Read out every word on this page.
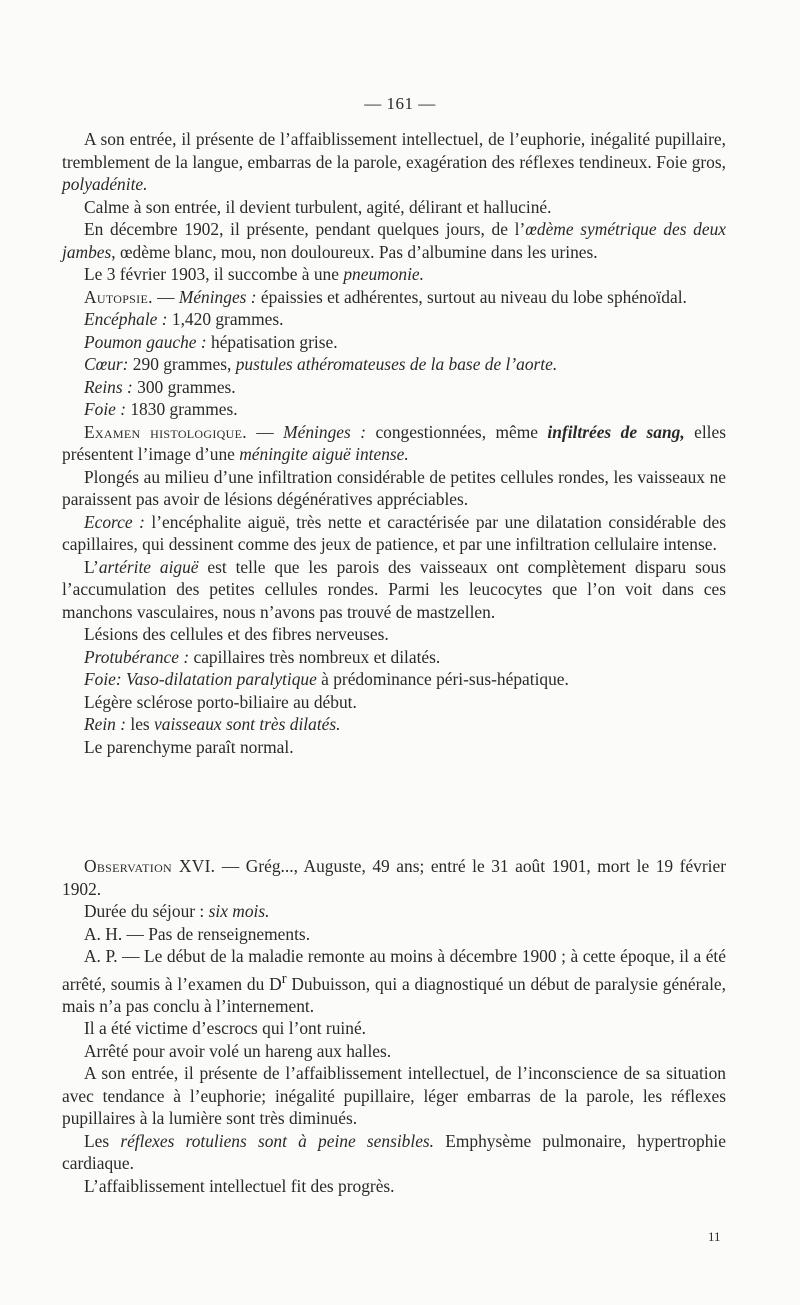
— 161 —

A son entrée, il présente de l’affaiblissement intellectuel, de l’euphorie, inégalité pupillaire, tremblement de la langue, embarras de la parole, exagération des réflexes tendineux. Foie gros, polyadénite.

Calme à son entrée, il devient turbulent, agité, délirant et halluciné.

En décembre 1902, il présente, pendant quelques jours, de l’œdème symétrique des deux jambes, œdème blanc, mou, non douloureux. Pas d’albumine dans les urines.

Le 3 février 1903, il succombe à une pneumonie.

Autopsie. — Méninges : épaissies et adhérentes, surtout au niveau du lobe sphénoïdal.

Encéphale : 1,420 grammes.

Poumon gauche : hépatisation grise.

Cœur: 290 grammes, pustules athéromateuses de la base de l’aorte.

Reins : 300 grammes.

Foie : 1830 grammes.

Examen histologique. — Méninges : congestionnées, même infiltrées de sang, elles présentent l’image d’une méningite aiguë intense.

Plongés au milieu d’une infiltration considérable de petites cellules rondes, les vaisseaux ne paraissent pas avoir de lésions dégénératives appréciables.

Ecorce : l’encéphalite aiguë, très nette et caractérisée par une dilatation considérable des capillaires, qui dessinent comme des jeux de patience, et par une infiltration cellulaire intense.

L’artérite aiguë est telle que les parois des vaisseaux ont complètement disparu sous l’accumulation des petites cellules rondes. Parmi les leucocytes que l’on voit dans ces manchons vasculaires, nous n’avons pas trouvé de mastzellen.

Lésions des cellules et des fibres nerveuses.

Protubérance : capillaires très nombreux et dilatés.

Foie: Vaso-dilatation paralytique à prédominance péri-sus-hépatique.

Légère sclérose porto-biliaire au début.

Rein : les vaisseaux sont très dilatés.

Le parenchyme paraît normal.

Observation XVI. — Grég..., Auguste, 49 ans; entré le 31 août 1901, mort le 19 février 1902.

Durée du séjour : six mois.

A. H. — Pas de renseignements.

A. P. — Le début de la maladie remonte au moins à décembre 1900 ; à cette époque, il a été arrêté, soumis à l’examen du $D^r$ Dubuisson, qui a diagnostiqué un début de paralysie générale, mais n’a pas conclu à l’internement.

Il a été victime d’escrocs qui l’ont ruiné.

Arrêté pour avoir volé un hareng aux halles.

A son entrée, il présente de l’affaiblissement intellectuel, de l’inconscience de sa situation avec tendance à l’euphorie; inégalité pupillaire, léger embarras de la parole, les réflexes pupillaires à la lumière sont très diminués.

Les réflexes rotuliens sont à peine sensibles. Emphysème pulmonaire, hypertrophie cardiaque.

L’affaiblissement intellectuel fit des progrès.

11
